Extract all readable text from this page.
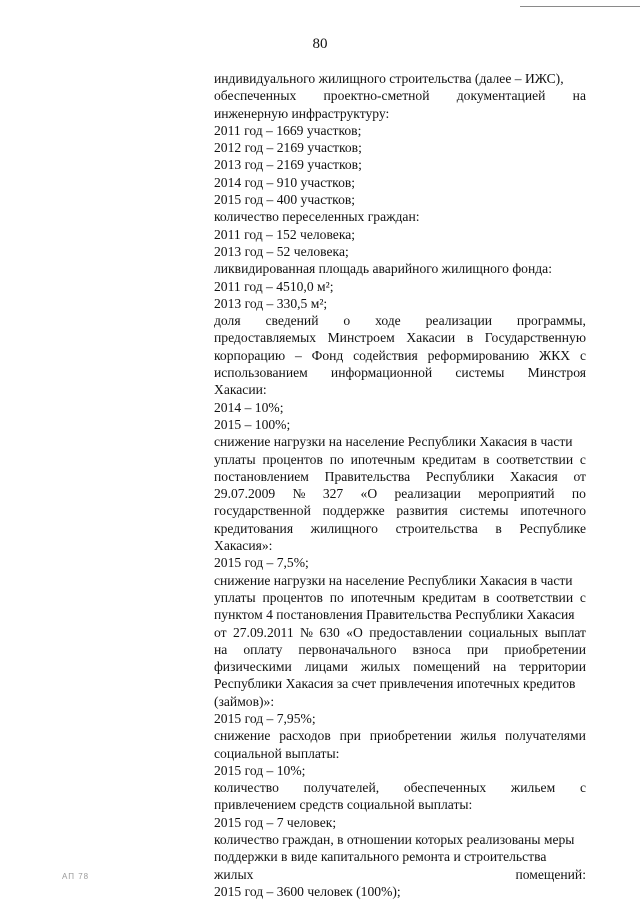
80
индивидуального жилищного строительства (далее – ИЖС),
обеспеченных проектно-сметной документацией на
инженерную инфраструктуру:
2011 год – 1669 участков;
2012 год – 2169 участков;
2013 год – 2169 участков;
2014 год – 910 участков;
2015 год – 400 участков;
количество переселенных граждан:
2011 год – 152 человека;
2013 год – 52 человека;
ликвидированная площадь аварийного жилищного фонда:
2011 год – 4510,0 м²;
2013 год – 330,5 м²;
доля сведений о ходе реализации программы,
предоставляемых Минстроем Хакасии в Государственную
корпорацию – Фонд содействия реформированию ЖКХ с
использованием информационной системы Минстроя
Хакасии:
2014 – 10%;
2015 – 100%;
снижение нагрузки на население Республики Хакасия в части
уплаты процентов по ипотечным кредитам в соответствии с
постановлением Правительства Республики Хакасия от
29.07.2009 № 327 «О реализации мероприятий по
государственной поддержке развития системы ипотечного
кредитования жилищного строительства в Республике
Хакасия»:
2015 год – 7,5%;
снижение нагрузки на население Республики Хакасия в части
уплаты процентов по ипотечным кредитам в соответствии с
пунктом 4 постановления Правительства Республики Хакасия
от 27.09.2011 № 630 «О предоставлении социальных выплат
на оплату первоначального взноса при приобретении
физическими лицами жилых помещений на территории
Республики Хакасия за счет привлечения ипотечных кредитов
(займов)»:
2015 год – 7,95%;
снижение расходов при приобретении жилья получателями
социальной выплаты:
2015 год – 10%;
количество получателей, обеспеченных жильем с
привлечением средств социальной выплаты:
2015 год – 7 человек;
количество граждан, в отношении которых реализованы меры
поддержки в виде капитального ремонта и строительства
жилых	помещений:
2015 год – 3600 человек (100%);
АП 78
